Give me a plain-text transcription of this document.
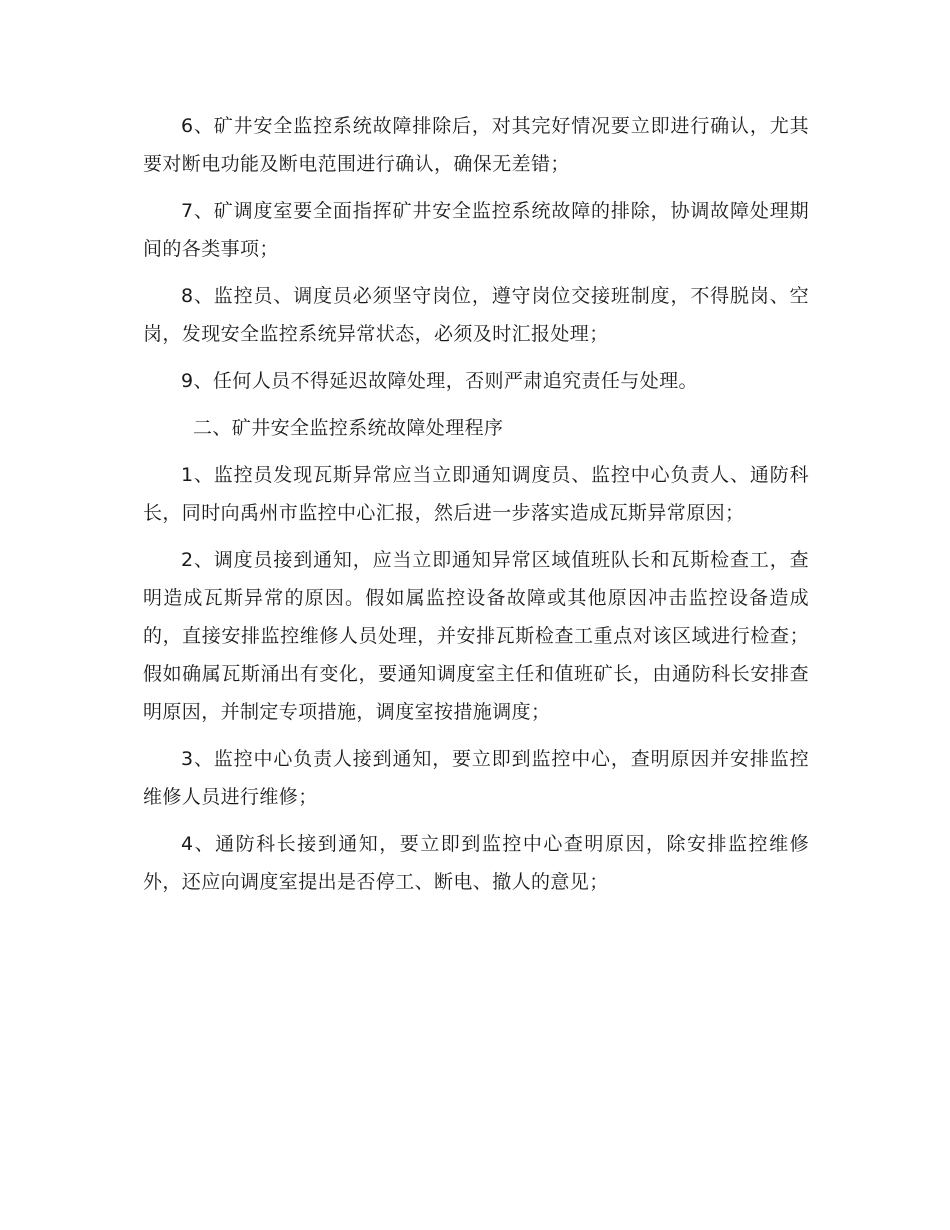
6、矿井安全监控系统故障排除后，对其完好情况要立即进行确认，尤其要对断电功能及断电范围进行确认，确保无差错；

7、矿调度室要全面指挥矿井安全监控系统故障的排除，协调故障处理期间的各类事项；

8、监控员、调度员必须坚守岗位，遵守岗位交接班制度，不得脱岗、空岗，发现安全监控系统异常状态，必须及时汇报处理；

9、任何人员不得延迟故障处理，否则严肃追究责任与处理。

二、矿井安全监控系统故障处理程序

1、监控员发现瓦斯异常应当立即通知调度员、监控中心负责人、通防科长，同时向禹州市监控中心汇报，然后进一步落实造成瓦斯异常原因；

2、调度员接到通知，应当立即通知异常区域值班队长和瓦斯检查工，查明造成瓦斯异常的原因。假如属监控设备故障或其他原因冲击监控设备造成的，直接安排监控维修人员处理，并安排瓦斯检查工重点对该区域进行检查；假如确属瓦斯涌出有变化，要通知调度室主任和值班矿长，由通防科长安排查明原因，并制定专项措施，调度室按措施调度；

3、监控中心负责人接到通知，要立即到监控中心，查明原因并安排监控维修人员进行维修；

4、通防科长接到通知，要立即到监控中心查明原因，除安排监控维修外，还应向调度室提出是否停工、断电、撤人的意见；
